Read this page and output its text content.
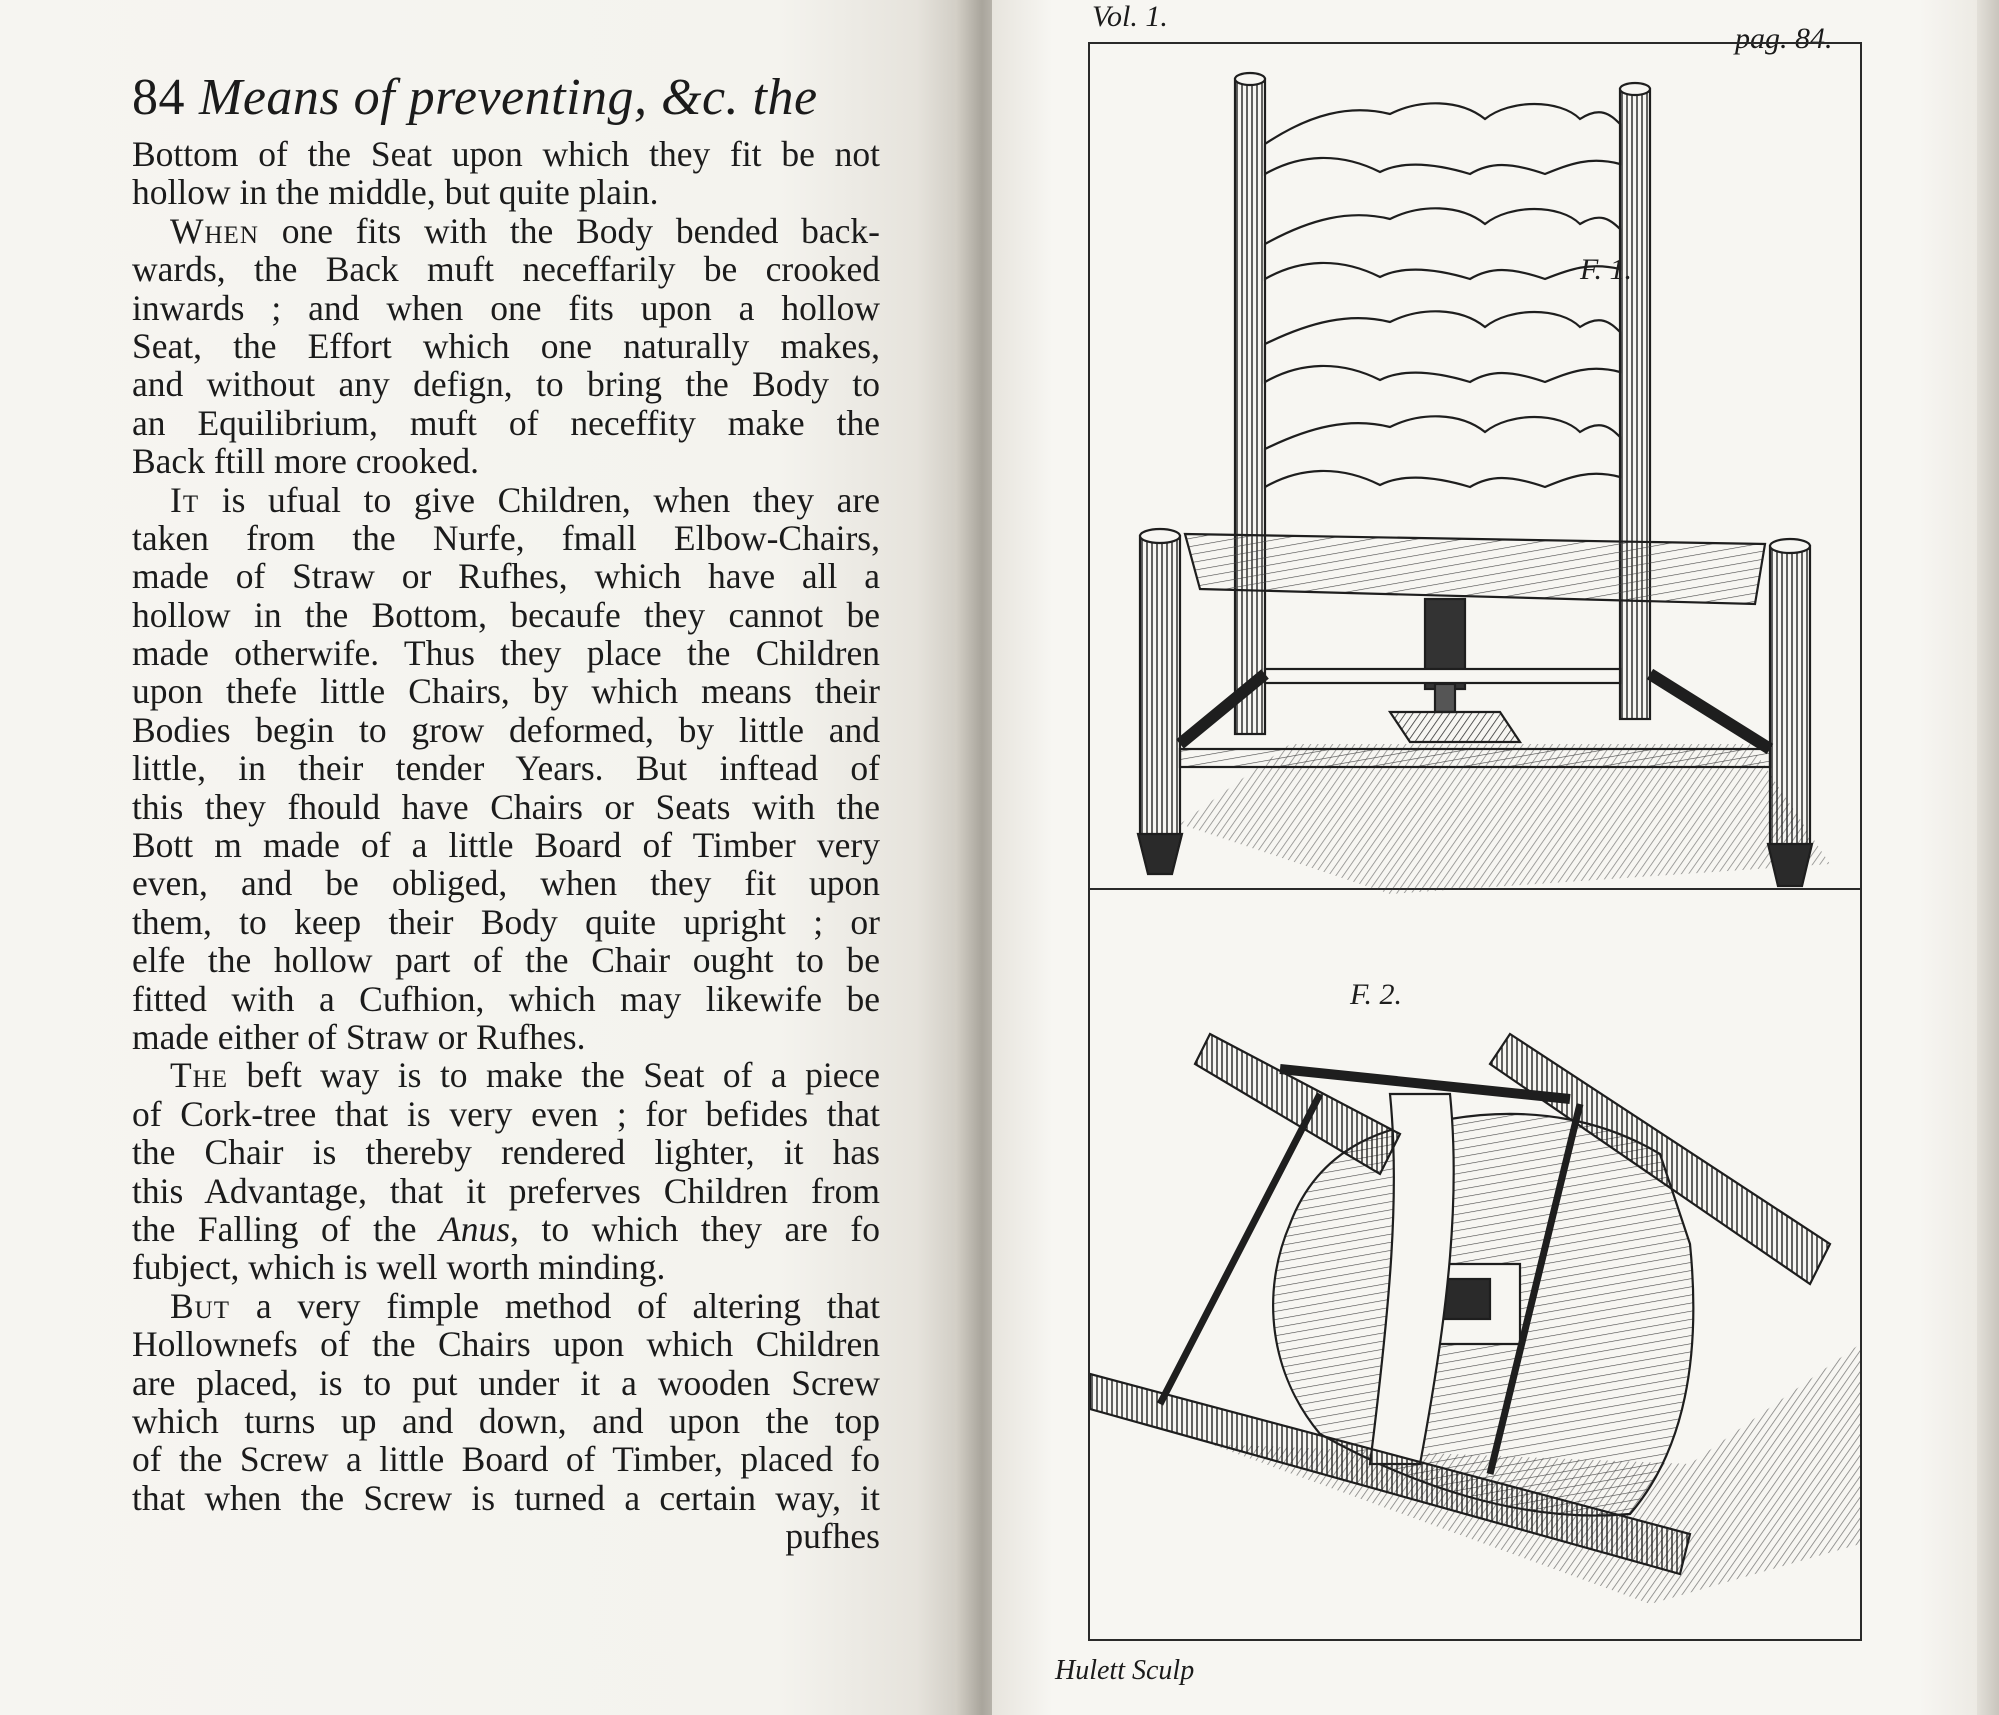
84 Means of preventing, &c. the
Bottom of the Seat upon which they fit be not
hollow in the middle, but quite plain.
When one fits with the Body bended back-
wards, the Back muft neceffarily be crooked
inwards ; and when one fits upon a hollow
Seat, the Effort which one naturally makes,
and without any defign, to bring the Body to
an Equilibrium, muft of neceffity make the
Back ftill more crooked.
It is ufual to give Children, when they are
taken from the Nurfe, fmall Elbow-Chairs,
made of Straw or Rufhes, which have all a
hollow in the Bottom, becaufe they cannot be
made otherwife. Thus they place the Children
upon thefe little Chairs, by which means their
Bodies begin to grow deformed, by little and
little, in their tender Years. But inftead of
this they fhould have Chairs or Seats with the
Bott m made of a little Board of Timber very
even, and be obliged, when they fit upon
them, to keep their Body quite upright ; or
elfe the hollow part of the Chair ought to be
fitted with a Cufhion, which may likewife be
made either of Straw or Rufhes.
The beft way is to make the Seat of a piece
of Cork-tree that is very even ; for befides that
the Chair is thereby rendered lighter, it has
this Advantage, that it preferves Children from
the Falling of the Anus, to which they are fo
fubject, which is well worth minding.
But a very fimple method of altering that
Hollownefs of the Chairs upon which Children
are placed, is to put under it a wooden Screw
which turns up and down, and upon the top
of the Screw a little Board of Timber, placed fo
that when the Screw is turned a certain way, it
pufhes
Vol. 1.
pag. 84.
F. 1.
F. 2.
Hulett Sculp
